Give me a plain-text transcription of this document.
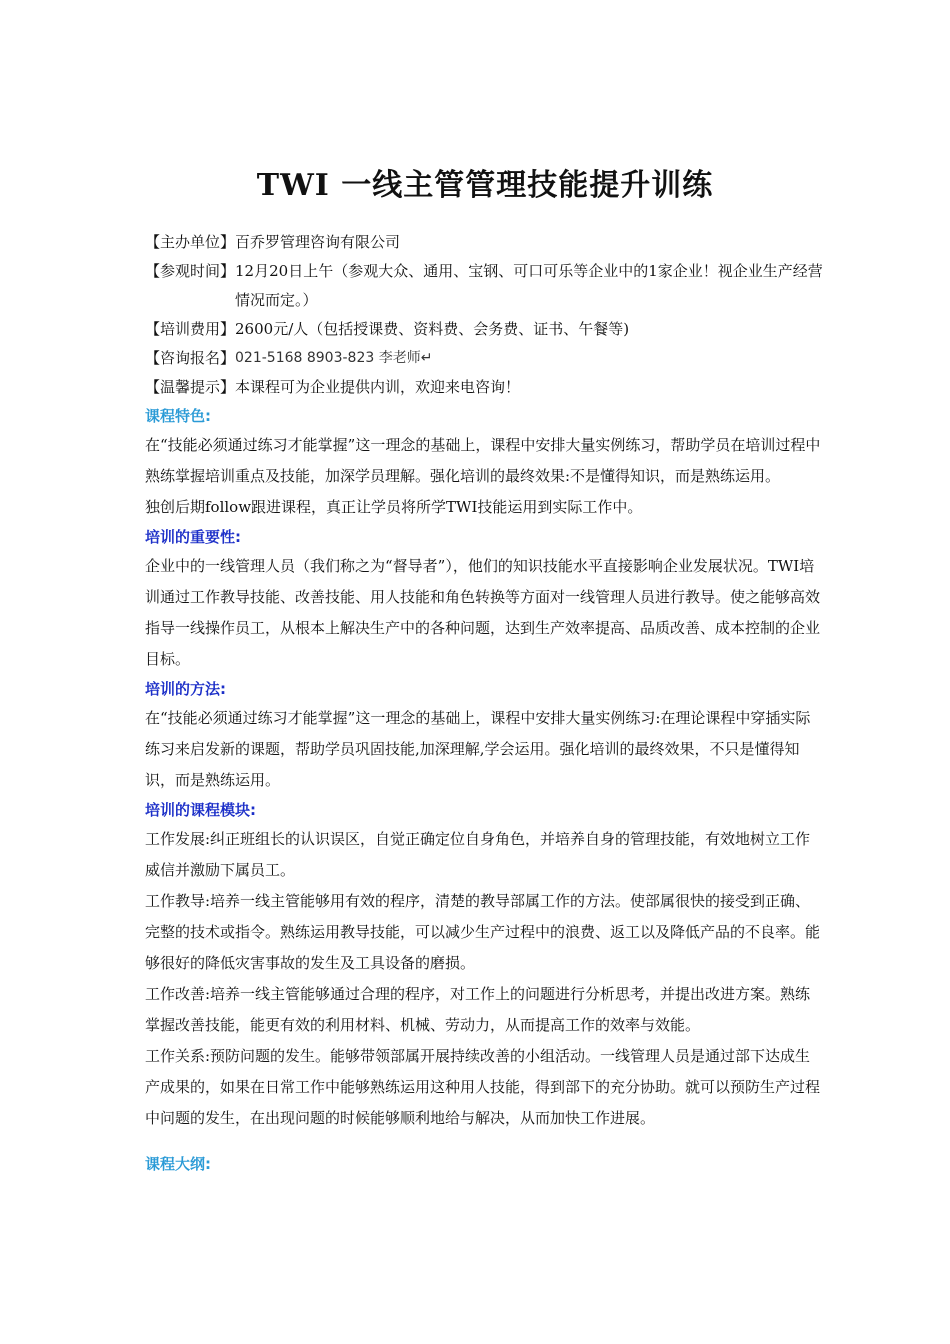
TWI 一线主管管理技能提升训练
【主办单位】 百乔罗管理咨询有限公司
【参观时间】 12月20日上午（参观大众、通用、宝钢、可口可乐等企业中的1家企业！视企业生产经营情况而定。）
【培训费用】 2600元/人（包括授课费、资料费、会务费、证书、午餐等)
【咨询报名】 021-5168 8903-823 李老师↵
【温馨提示】 本课程可为企业提供内训，欢迎来电咨询！
课程特色:

在“技能必须通过练习才能掌握”这一理念的基础上，课程中安排大量实例练习，帮助学员在培训过程中熟练掌握培训重点及技能，加深学员理解。强化培训的最终效果:不是懂得知识，而是熟练运用。

独创后期follow跟进课程，真正让学员将所学TWI技能运用到实际工作中。

培训的重要性:

企业中的一线管理人员（我们称之为“督导者”），他们的知识技能水平直接影响企业发展状况。TWI培训通过工作教导技能、改善技能、用人技能和角色转换等方面对一线管理人员进行教导。使之能够高效指导一线操作员工，从根本上解决生产中的各种问题，达到生产效率提高、品质改善、成本控制的企业目标。

培训的方法:

在“技能必须通过练习才能掌握”这一理念的基础上，课程中安排大量实例练习:在理论课程中穿插实际练习来启发新的课题，帮助学员巩固技能,加深理解,学会运用。强化培训的最终效果，不只是懂得知识，而是熟练运用。

培训的课程模块:

工作发展:纠正班组长的认识误区，自觉正确定位自身角色，并培养自身的管理技能，有效地树立工作威信并激励下属员工。

工作教导:培养一线主管能够用有效的程序，清楚的教导部属工作的方法。使部属很快的接受到正确、完整的技术或指令。熟练运用教导技能，可以减少生产过程中的浪费、返工以及降低产品的不良率。能够很好的降低灾害事故的发生及工具设备的磨损。

工作改善:培养一线主管能够通过合理的程序，对工作上的问题进行分析思考，并提出改进方案。熟练掌握改善技能，能更有效的利用材料、机械、劳动力，从而提高工作的效率与效能。

工作关系:预防问题的发生。能够带领部属开展持续改善的小组活动。一线管理人员是通过部下达成生产成果的，如果在日常工作中能够熟练运用这种用人技能，得到部下的充分协助。就可以预防生产过程中问题的发生，在出现问题的时候能够顺利地给与解决，从而加快工作进展。

课程大纲:
